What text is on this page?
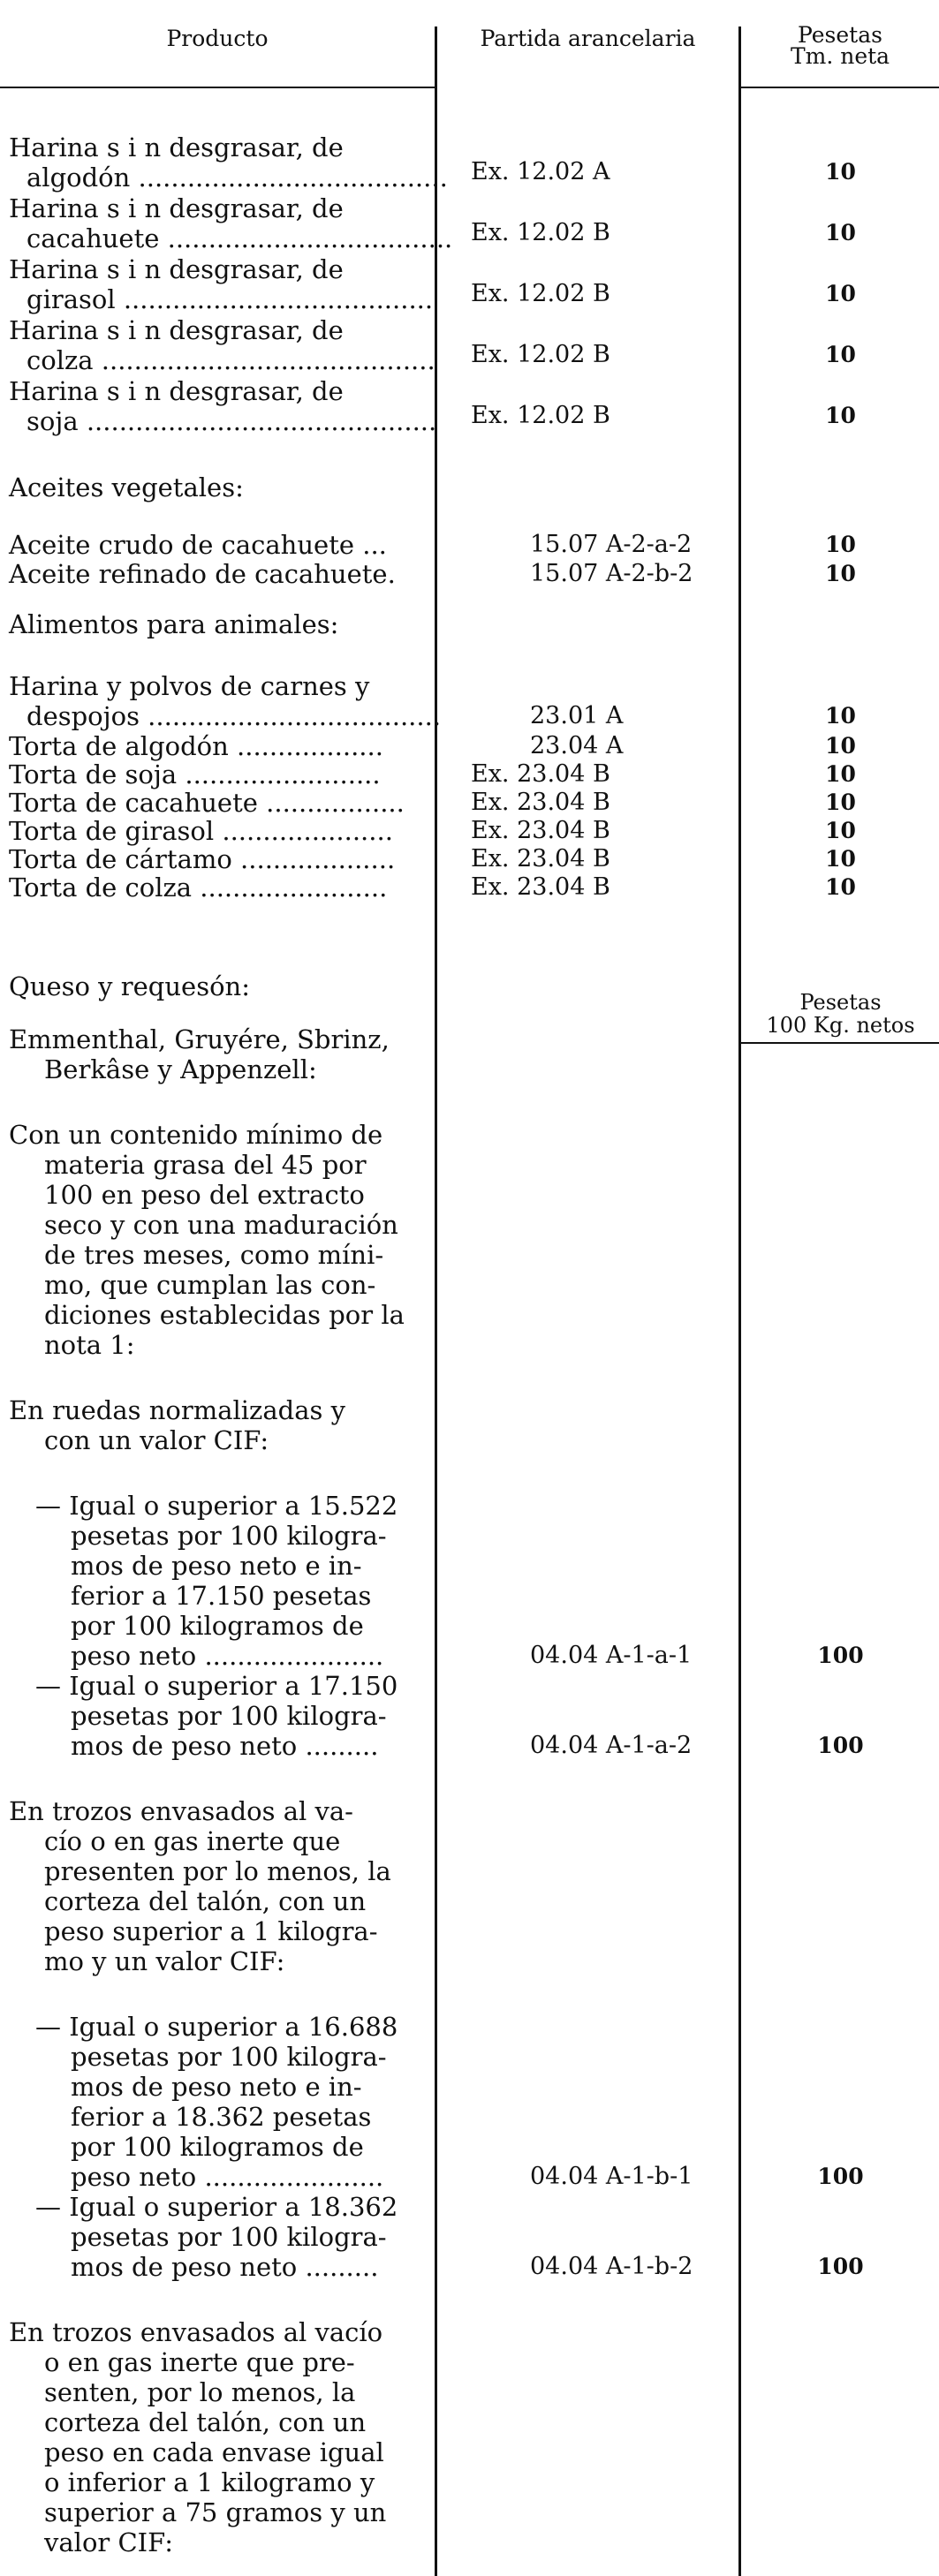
Producto	Partida arancelaria	Pesetas
Tm. neta
Harina s i n desgrasar, de
algodón ...................................... Ex. 12.02 A	10
Harina s i n desgrasar, de
cacahuete ................................... Ex. 12.02 B	10
Harina s i n desgrasar, de
girasol ...................................... Ex. 12.02 B	10
Harina s i n desgrasar, de
colza ......................................... Ex. 12.02 B	10
Harina s i n desgrasar, de
soja ........................................... Ex. 12.02 B	10
Aceites vegetales:
Aceite crudo de cacahuete ...	15.07 A-2-a-2	10
Aceite refinado de cacahuete.	15.07 A-2-b-2	10
Alimentos para animales:
Harina y polvos de carnes y
despojos ....................................	23.01 A	10
Torta de algodón ..................	23.04 A	10
Torta de soja ........................	Ex. 23.04 B	10
Torta de cacahuete .................	Ex. 23.04 B	10
Torta de girasol .....................	Ex. 23.04 B	10
Torta de cártamo ...................	Ex. 23.04 B	10
Torta de colza .......................	Ex. 23.04 B	10
Queso y requesón:
Pesetas
100 Kg. netos
Emmenthal, Gruyére, Sbrinz,
Berkâse y Appenzell:
Con un contenido mínimo de
materia grasa del 45 por
100 en peso del extracto
seco y con una maduración
de tres meses, como míni-
mo, que cumplan las con-
diciones establecidas por la
nota 1:
En ruedas normalizadas y
con un valor CIF:
— Igual o superior a 15.522
pesetas por 100 kilogra-
mos de peso neto e in-
ferior a 17.150 pesetas
por 100 kilogramos de
peso neto ......................	04.04 A-1-a-1	100
— Igual o superior a 17.150
pesetas por 100 kilogra-
mos de peso neto .........	04.04 A-1-a-2	100
En trozos envasados al va-
cío o en gas inerte que
presenten por lo menos, la
corteza del talón, con un
peso superior a 1 kilogra-
mo y un valor CIF:
— Igual o superior a 16.688
pesetas por 100 kilogra-
mos de peso neto e in-
ferior a 18.362 pesetas
por 100 kilogramos de
peso neto ......................	04.04 A-1-b-1	100
— Igual o superior a 18.362
pesetas por 100 kilogra-
mos de peso neto .........	04.04 A-1-b-2	100
En trozos envasados al vacío
o en gas inerte que pre-
senten, por lo menos, la
corteza del talón, con un
peso en cada envase igual
o inferior a 1 kilogramo y
superior a 75 gramos y un
valor CIF:
